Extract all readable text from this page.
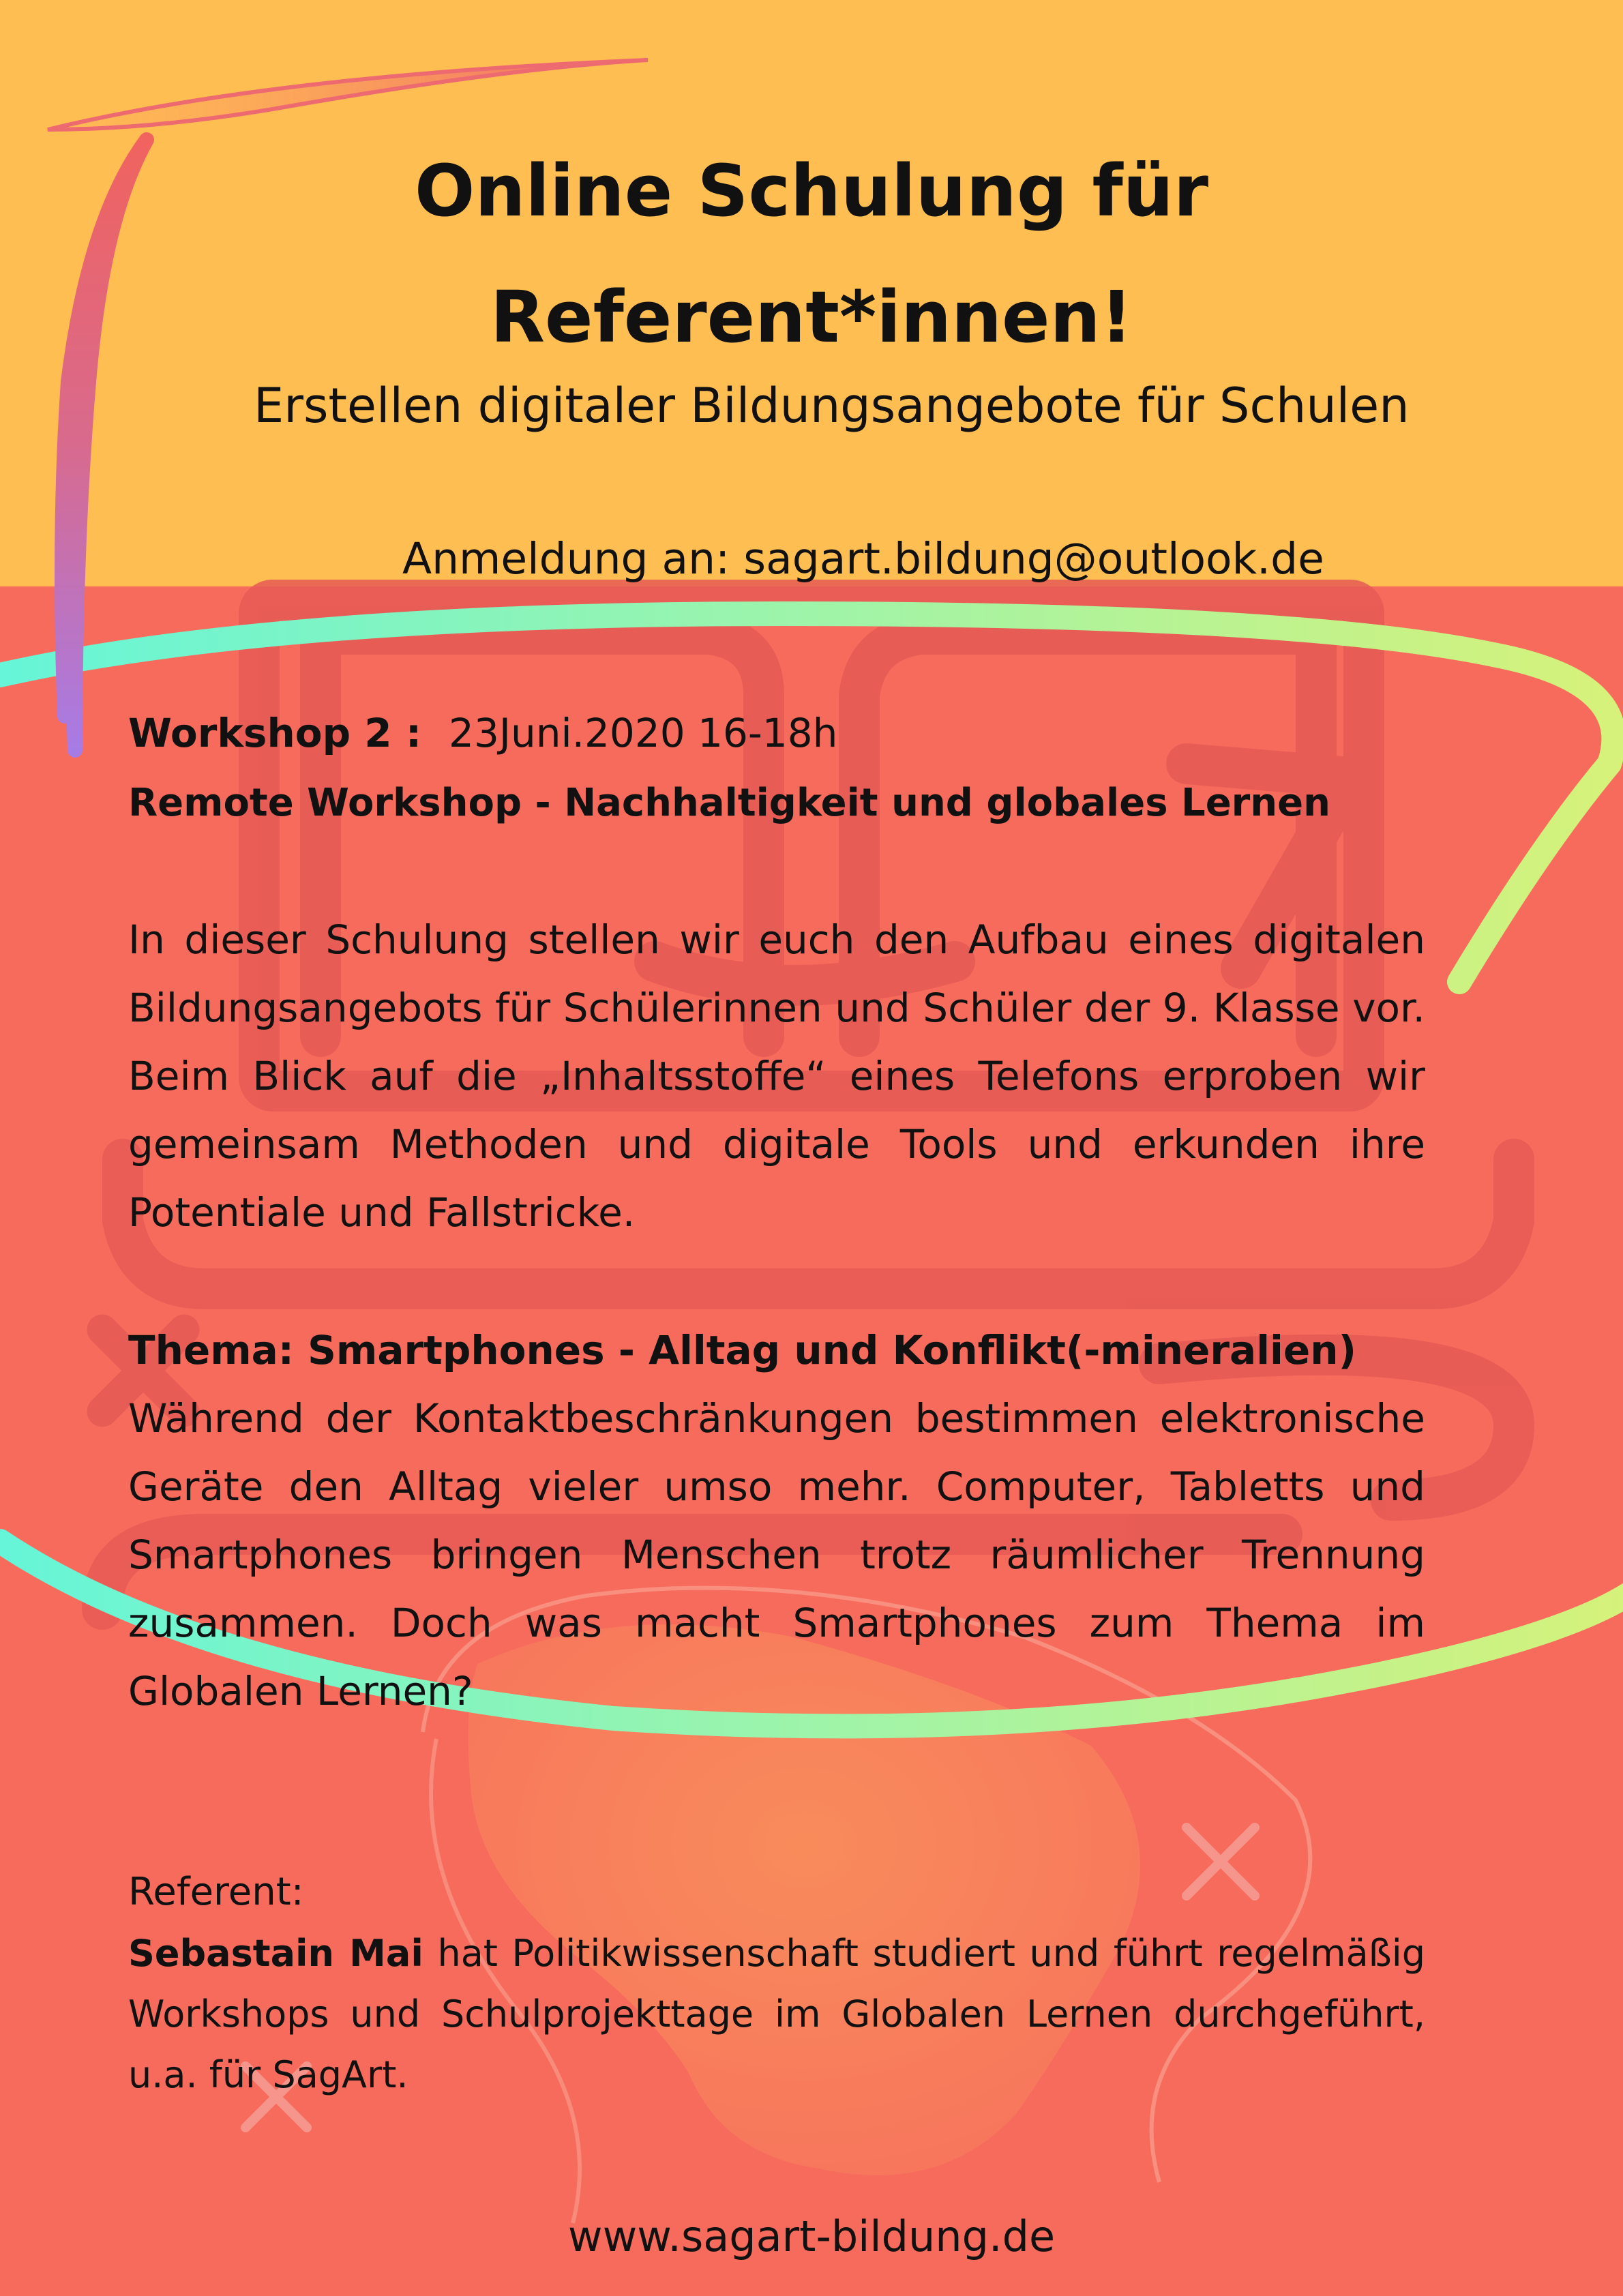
Online Schulung für
Referent*innen!
Erstellen digitaler Bildungsangebote für Schulen
Anmeldung an: sagart.bildung@outlook.de
Workshop 2 : 23Juni.2020 16-18h
Remote Workshop - Nachhaltigkeit und globales Lernen

In dieser Schulung stellen wir euch den Aufbau eines digitalen Bildungsangebots für Schülerinnen und Schüler der 9. Klasse vor. Beim Blick auf die „Inhaltsstoffe“ eines Telefons erproben wir gemeinsam Methoden und digitale Tools und erkunden ihre Potentiale und Fallstricke.

Thema: Smartphones - Alltag und Konflikt(-mineralien)

Während der Kontaktbeschränkungen bestimmen elektronische Geräte den Alltag vieler umso mehr. Computer, Tabletts und Smartphones bringen Menschen trotz räumlicher Trennung zusammen. Doch was macht Smartphones zum Thema im Globalen Lernen?

Referent:

Sebastain Mai hat Politikwissenschaft studiert und führt regelmäßig Workshops und Schulprojekttage im Globalen Lernen durchgeführt, u.a. für SagArt.

www.sagart-bildung.de
